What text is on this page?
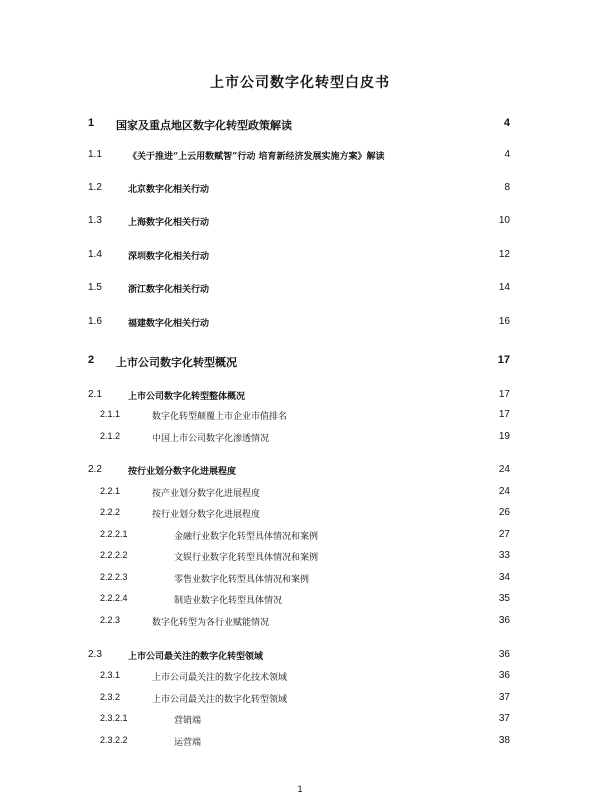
上市公司数字化转型白皮书
1 国家及重点地区数字化转型政策解读	4
1.1	《关于推进“上云用数赋智”行动 培育新经济发展实施方案》解读	4
1.2	北京数字化相关行动	8
1.3	上海数字化相关行动	10
1.4	深圳数字化相关行动	12
1.5	浙江数字化相关行动	14
1.6	福建数字化相关行动	16
2 上市公司数字化转型概况	17
2.1	上市公司数字化转型整体概况	17
2.1.1	数字化转型颠覆上市企业市值排名	17
2.1.2	中国上市公司数字化渗透情况	19
2.2	按行业划分数字化进展程度	24
2.2.1	按产业划分数字化进展程度	24
2.2.2	按行业划分数字化进展程度	26
2.2.2.1	金融行业数字化转型具体情况和案例	27
2.2.2.2	文娱行业数字化转型具体情况和案例	33
2.2.2.3	零售业数字化转型具体情况和案例	34
2.2.2.4	制造业数字化转型具体情况	35
2.2.3	数字化转型为各行业赋能情况	36
2.3	上市公司最关注的数字化转型领域	36
2.3.1	上市公司最关注的数字化技术领域	36
2.3.2	上市公司最关注的数字化转型领域	37
2.3.2.1	营销端	37
2.3.2.2	运营端	38
1
